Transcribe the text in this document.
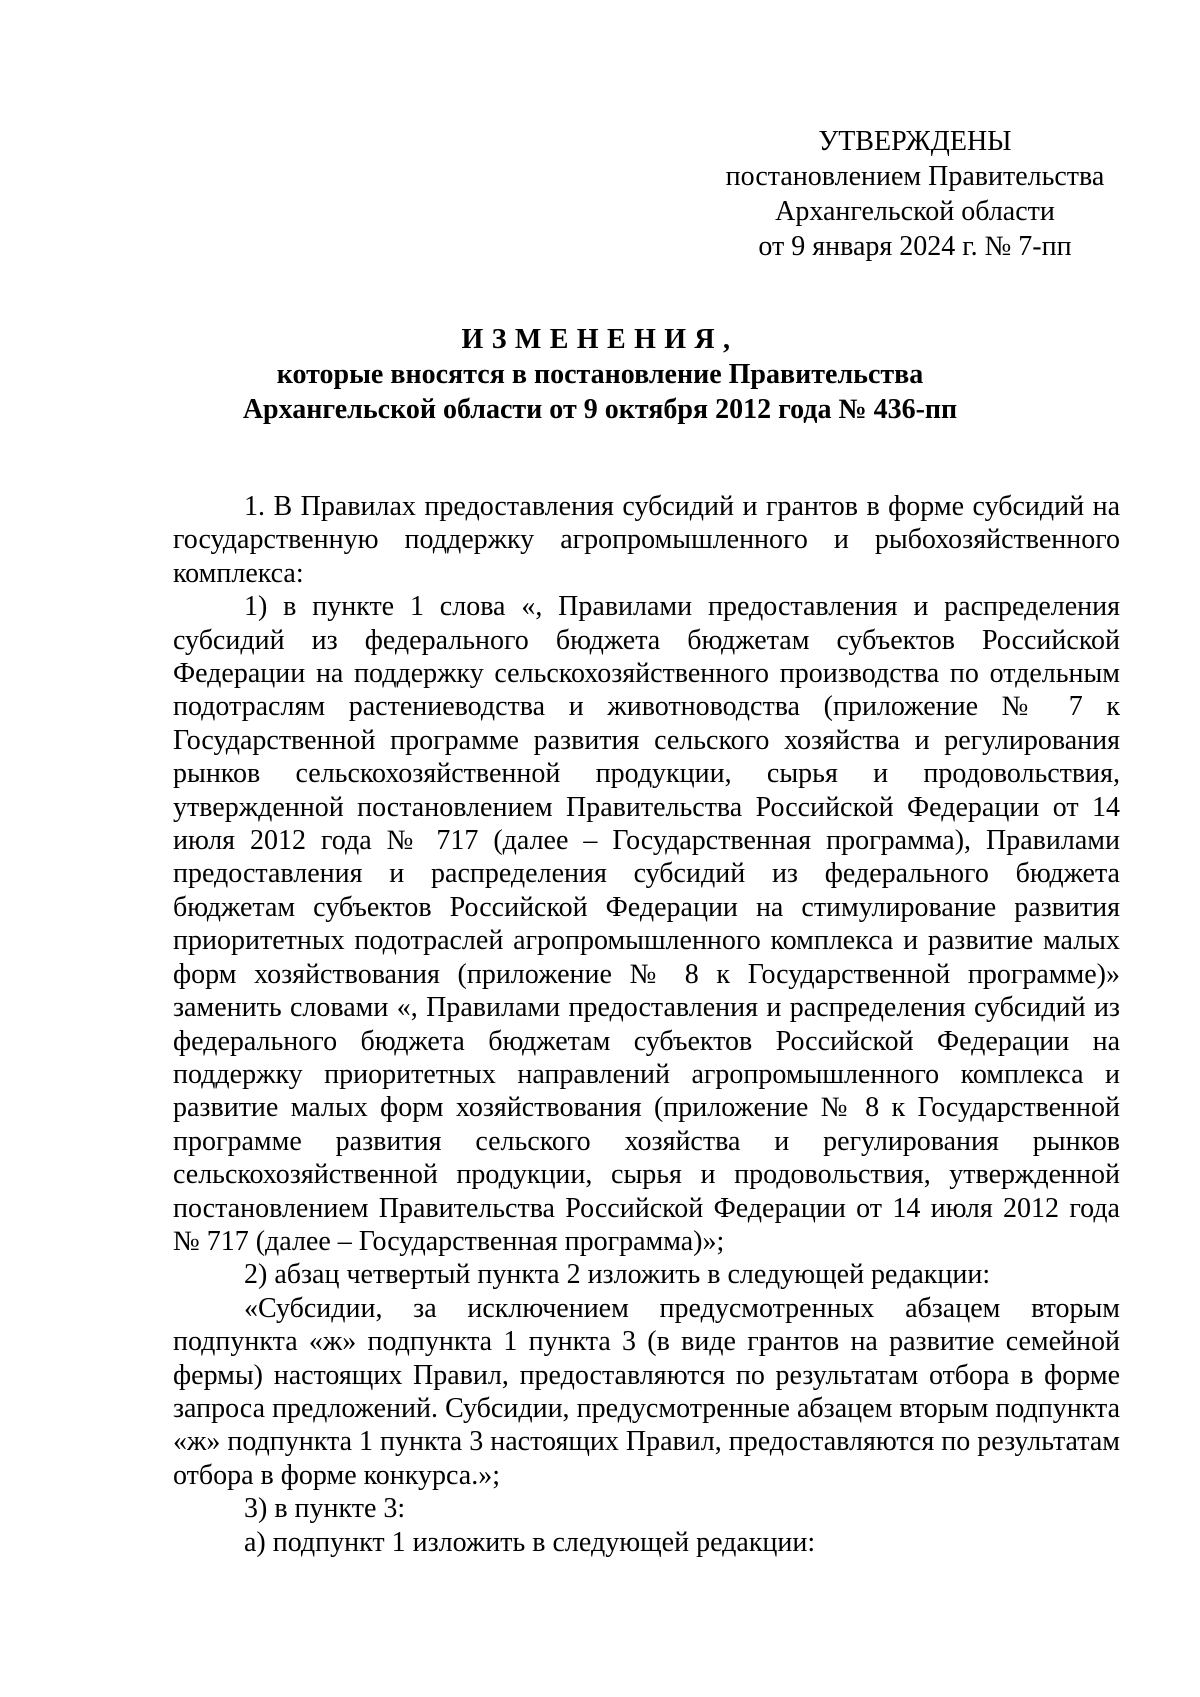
УТВЕРЖДЕНЫ
постановлением Правительства
Архангельской области
от 9 января 2024 г. № 7-пп
ИЗМЕНЕНИЯ,
которые вносятся в постановление Правительства
Архангельской области от 9 октября 2012 года № 436-пп

1. В Правилах предоставления субсидий и грантов в форме субсидий на государственную поддержку агропромышленного и рыбохозяйственного комплекса:

1) в пункте 1 слова «, Правилами предоставления и распределения субсидий из федерального бюджета бюджетам субъектов Российской Федерации на поддержку сельскохозяйственного производства по отдельным подотраслям растениеводства и животноводства (приложение № 7 к Государственной программе развития сельского хозяйства и регулирования рынков сельскохозяйственной продукции, сырья и продовольствия, утвержденной постановлением Правительства Российской Федерации от 14 июля 2012 года № 717 (далее – Государственная программа), Правилами предоставления и распределения субсидий из федерального бюджета бюджетам субъектов Российской Федерации на стимулирование развития приоритетных подотраслей агропромышленного комплекса и развитие малых форм хозяйствования (приложение № 8 к Государственной программе)» заменить словами «, Правилами предоставления и распределения субсидий из федерального бюджета бюджетам субъектов Российской Федерации на поддержку приоритетных направлений агропромышленного комплекса и развитие малых форм хозяйствования (приложение № 8 к Государственной программе развития сельского хозяйства и регулирования рынков сельскохозяйственной продукции, сырья и продовольствия, утвержденной постановлением Правительства Российской Федерации от 14 июля 2012 года № 717 (далее – Государственная программа)»;

2) абзац четвертый пункта 2 изложить в следующей редакции:

«Субсидии, за исключением предусмотренных абзацем вторым подпункта «ж» подпункта 1 пункта 3 (в виде грантов на развитие семейной фермы) настоящих Правил, предоставляются по результатам отбора в форме запроса предложений. Субсидии, предусмотренные абзацем вторым подпункта «ж» подпункта 1 пункта 3 настоящих Правил, предоставляются по результатам отбора в форме конкурса.»;

3) в пункте 3:

а) подпункт 1 изложить в следующей редакции:
